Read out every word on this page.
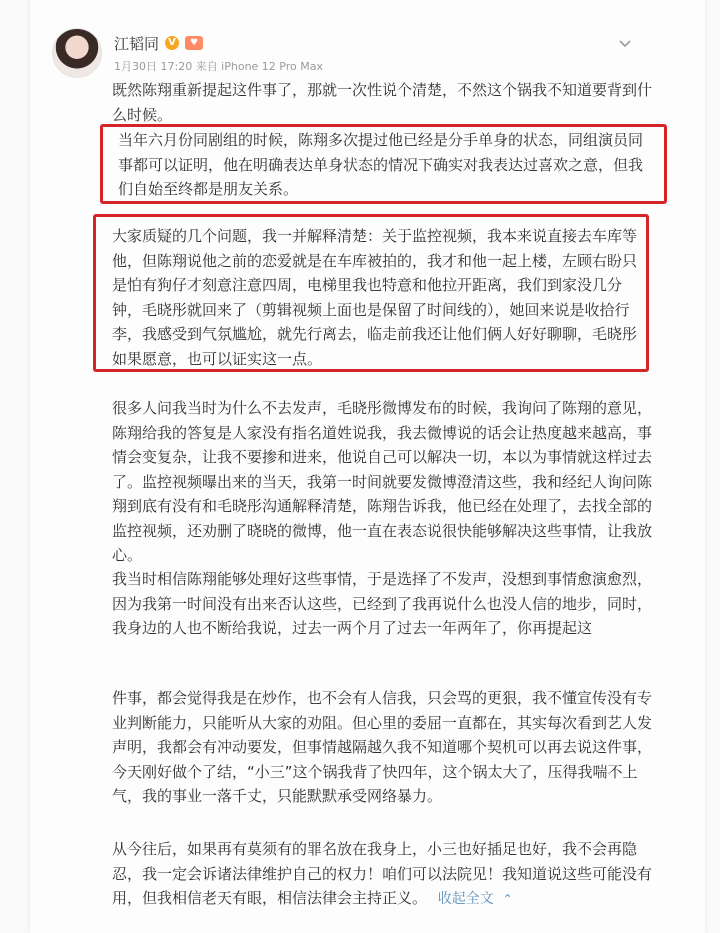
江韬同 V	♥
1月30日 17:20 来自 iPhone 12 Pro Max
既然陈翔重新提起这件事了，那就一次性说个清楚，不然这个锅我不知道要背到什么时候。
当年六月份同剧组的时候，陈翔多次提过他已经是分手单身的状态，同组演员同事都可以证明，他在明确表达单身状态的情况下确实对我表达过喜欢之意，但我们自始至终都是朋友关系。
大家质疑的几个问题，我一并解释清楚：关于监控视频，我本来说直接去车库等他，但陈翔说他之前的恋爱就是在车库被拍的，我才和他一起上楼，左顾右盼只是怕有狗仔才刻意注意四周，电梯里我也特意和他拉开距离，我们到家没几分钟，毛晓彤就回来了（剪辑视频上面也是保留了时间线的），她回来说是收拾行李，我感受到气氛尴尬，就先行离去，临走前我还让他们俩人好好聊聊，毛晓彤如果愿意，也可以证实这一点。
很多人问我当时为什么不去发声，毛晓彤微博发布的时候，我询问了陈翔的意见，陈翔给我的答复是人家没有指名道姓说我，我去微博说的话会让热度越来越高，事情会变复杂，让我不要掺和进来，他说自己可以解决一切，本以为事情就这样过去了。监控视频曝出来的当天，我第一时间就要发微博澄清这些，我和经纪人询问陈翔到底有没有和毛晓彤沟通解释清楚，陈翔告诉我，他已经在处理了，去找全部的监控视频，还劝删了晓晓的微博，他一直在表态说很快能够解决这些事情，让我放心。
我当时相信陈翔能够处理好这些事情，于是选择了不发声，没想到事情愈演愈烈，因为我第一时间没有出来否认这些，已经到了我再说什么也没人信的地步，同时，我身边的人也不断给我说，过去一两个月了过去一年两年了，你再提起这
件事，都会觉得我是在炒作，也不会有人信我，只会骂的更狠，我不懂宣传没有专业判断能力，只能听从大家的劝阻。但心里的委屈一直都在，其实每次看到艺人发声明，我都会有冲动要发，但事情越隔越久我不知道哪个契机可以再去说这件事，今天刚好做个了结，“小三”这个锅我背了快四年，这个锅太大了，压得我喘不上气，我的事业一落千丈，只能默默承受网络暴力。
从今往后，如果再有莫须有的罪名放在我身上，小三也好插足也好，我不会再隐忍，我一定会诉诸法律维护自己的权力！咱们可以法院见！我知道说这些可能没有用，但我相信老天有眼，相信法律会主持正义。 收起全文 ⌃
